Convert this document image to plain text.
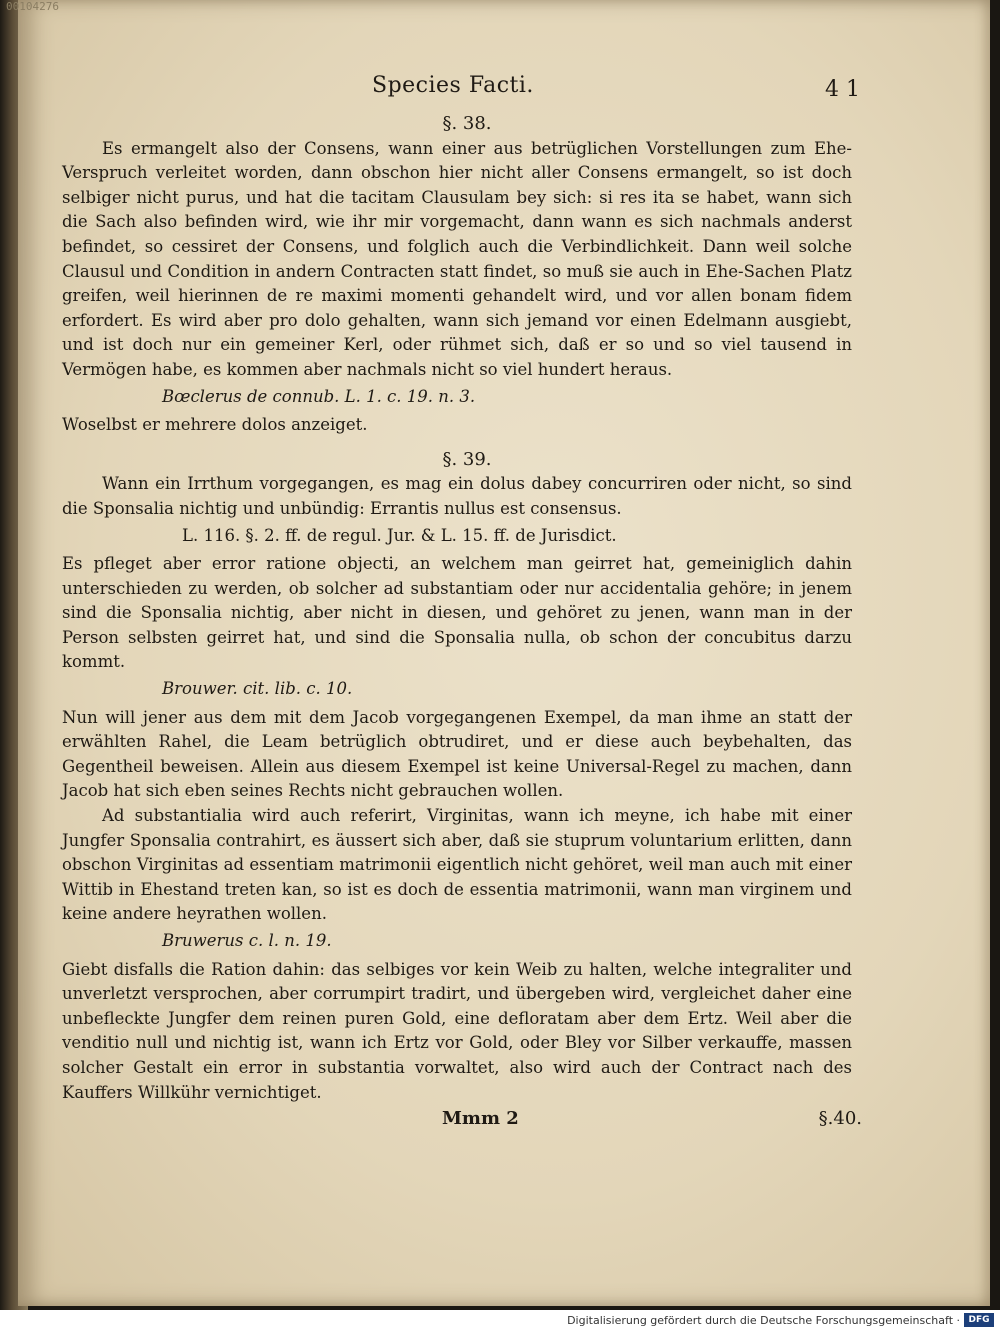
00104276
Species Facti.	4 1
§. 38.

Es ermangelt also der Consens, wann einer aus betrüglichen Vorstellungen zum Ehe-Verspruch verleitet worden, dann obschon hier nicht aller Consens ermangelt, so ist doch selbiger nicht purus, und hat die tacitam Clausulam bey sich: si res ita se habet, wann sich die Sach also befinden wird, wie ihr mir vorgemacht, dann wann es sich nachmals anderst befindet, so cessiret der Consens, und folglich auch die Verbindlichkeit. Dann weil solche Clausul und Condition in andern Contracten statt findet, so muß sie auch in Ehe-Sachen Platz greifen, weil hierinnen de re maximi momenti gehandelt wird, und vor allen bonam fidem erfordert. Es wird aber pro dolo gehalten, wann sich jemand vor einen Edelmann ausgiebt, und ist doch nur ein gemeiner Kerl, oder rühmet sich, daß er so und so viel tausend in Vermögen habe, es kommen aber nachmals nicht so viel hundert heraus.

Bœclerus de connub. L. 1. c. 19. n. 3.

Woselbst er mehrere dolos anzeiget.

§. 39.

Wann ein Irrthum vorgegangen, es mag ein dolus dabey concurriren oder nicht, so sind die Sponsalia nichtig und unbündig: Errantis nullus est consensus.

L. 116. §. 2. ff. de regul. Jur. & L. 15. ff. de Jurisdict.

Es pfleget aber error ratione objecti, an welchem man geirret hat, gemeiniglich dahin unterschieden zu werden, ob solcher ad substantiam oder nur accidentalia gehöre; in jenem sind die Sponsalia nichtig, aber nicht in diesen, und gehöret zu jenen, wann man in der Person selbsten geirret hat, und sind die Sponsalia nulla, ob schon der concubitus darzu kommt.

Brouwer. cit. lib. c. 10.

Nun will jener aus dem mit dem Jacob vorgegangenen Exempel, da man ihme an statt der erwählten Rahel, die Leam betrüglich obtrudiret, und er diese auch beybehalten, das Gegentheil beweisen. Allein aus diesem Exempel ist keine Universal-Regel zu machen, dann Jacob hat sich eben seines Rechts nicht gebrauchen wollen.

Ad substantialia wird auch referirt, Virginitas, wann ich meyne, ich habe mit einer Jungfer Sponsalia contrahirt, es äussert sich aber, daß sie stuprum voluntarium erlitten, dann obschon Virginitas ad essentiam matrimonii eigentlich nicht gehöret, weil man auch mit einer Wittib in Ehestand treten kan, so ist es doch de essentia matrimonii, wann man virginem und keine andere heyrathen wollen.

Bruwerus c. l. n. 19.

Giebt disfalls die Ration dahin: das selbiges vor kein Weib zu halten, welche integraliter und unverletzt versprochen, aber corrumpirt tradirt, und übergeben wird, vergleichet daher eine unbefleckte Jungfer dem reinen puren Gold, eine defloratam aber dem Ertz. Weil aber die venditio null und nichtig ist, wann ich Ertz vor Gold, oder Bley vor Silber verkauffe, massen solcher Gestalt ein error in substantia vorwaltet, also wird auch der Contract nach des Kauffers Willkühr vernichtiget.

Mmm 2	§.40.
Digitalisierung gefördert durch die Deutsche Forschungsgemeinschaft · DFG
